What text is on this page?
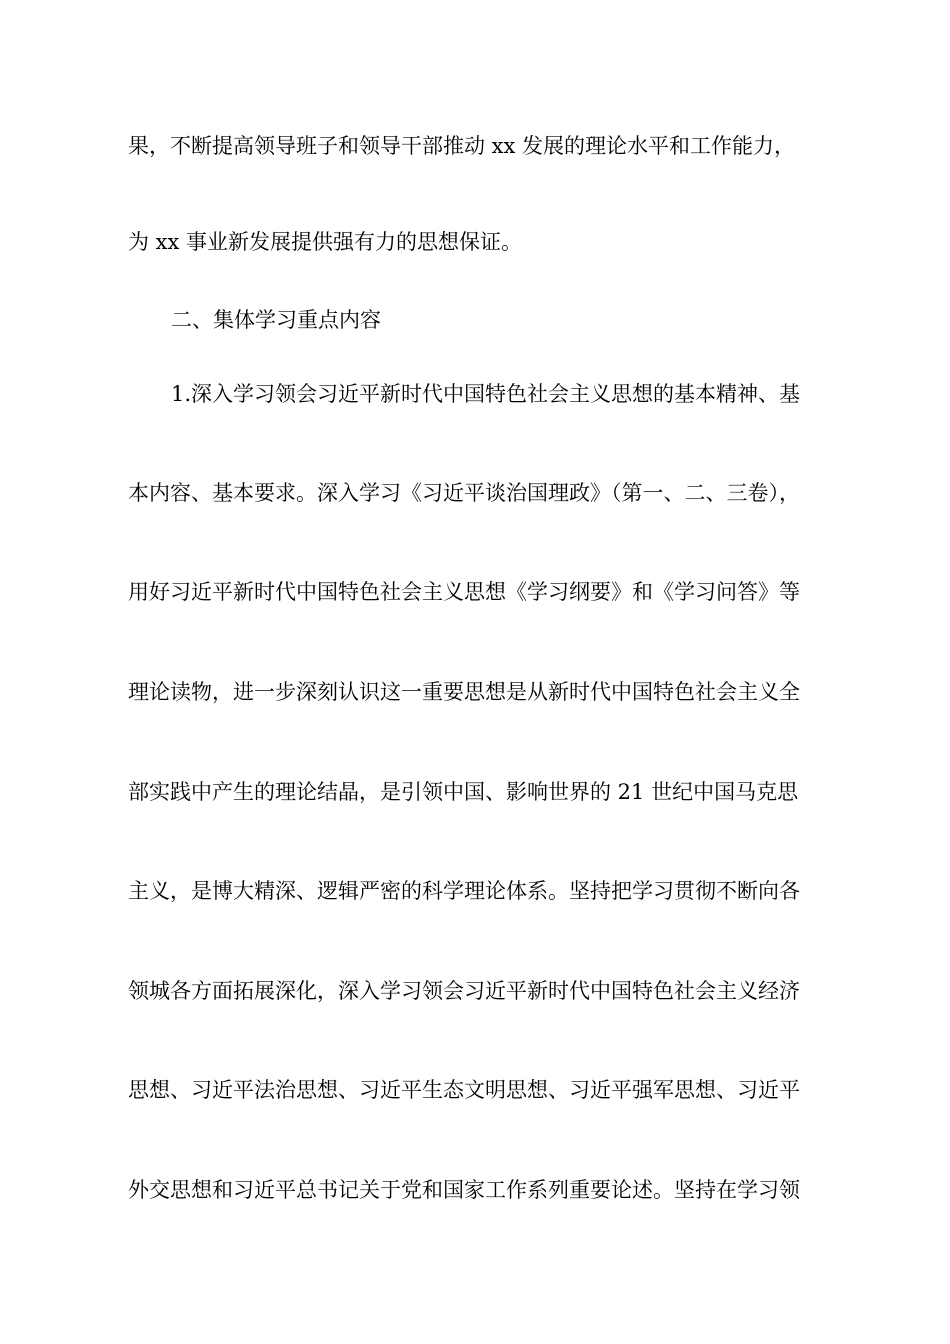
果，不断提高领导班子和领导干部推动 xx 发展的理论水平和工作能力，
为 xx 事业新发展提供强有力的思想保证。
二、集体学习重点内容
1.深入学习领会习近平新时代中国特色社会主义思想的基本精神、基
本内容、基本要求。深入学习《习近平谈治国理政》（第一、二、三卷），
用好习近平新时代中国特色社会主义思想《学习纲要》和《学习问答》等
理论读物，进一步深刻认识这一重要思想是从新时代中国特色社会主义全
部实践中产生的理论结晶，是引领中国、影响世界的 21 世纪中国马克思
主义，是博大精深、逻辑严密的科学理论体系。坚持把学习贯彻不断向各
领城各方面拓展深化，深入学习领会习近平新时代中国特色社会主义经济
思想、习近平法治思想、习近平生态文明思想、习近平强军思想、习近平
外交思想和习近平总书记关于党和国家工作系列重要论述。坚持在学习领
